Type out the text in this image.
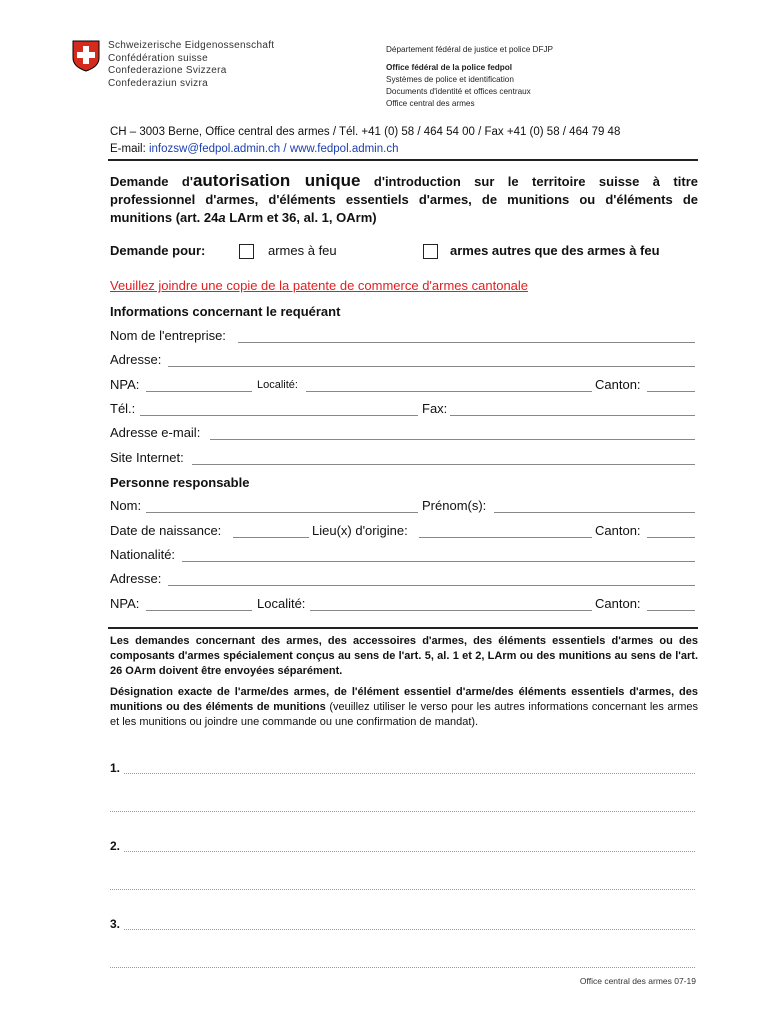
Schweizerische Eidgenossenschaft
Confédération suisse
Confederazione Svizzera
Confederaziun svizra
Département fédéral de justice et police DFJP
Office fédéral de la police fedpol
Systèmes de police et identification
Documents d'identité et offices centraux
Office central des armes
CH – 3003 Berne, Office central des armes / Tél. +41 (0) 58 / 464 54 00 / Fax +41 (0) 58 / 464 79 48
E-mail: infozsw@fedpol.admin.ch / www.fedpol.admin.ch
Demande d'autorisation unique d'introduction sur le territoire suisse à titre professionnel d'armes, d'éléments essentiels d'armes, de munitions ou d'éléments de munitions (art. 24a LArm et 36, al. 1, OArm)
Demande pour:	armes à feu	armes autres que des armes à feu
Veuillez joindre une copie de la patente de commerce d'armes cantonale
Informations concernant le requérant
Nom de l'entreprise:
Adresse:
NPA:	Localité:	Canton:
Tél.:	Fax:
Adresse e-mail:
Site Internet:
Personne responsable
Nom:	Prénom(s):
Date de naissance:	Lieu(x) d'origine:	Canton:
Nationalité:
Adresse:
NPA:	Localité:	Canton:
Les demandes concernant des armes, des accessoires d'armes, des éléments essentiels d'armes ou des composants d'armes spécialement conçus au sens de l'art. 5, al. 1 et 2, LArm ou des munitions au sens de l'art. 26 OArm doivent être envoyées séparément.
Désignation exacte de l'arme/des armes, de l'élément essentiel d'arme/des éléments essentiels d'armes, des munitions ou des éléments de munitions (veuillez utiliser le verso pour les autres informations concernant les armes et les munitions ou joindre une commande ou une confirmation de mandat).
1.
2.
3.
Office central des armes 07-19
